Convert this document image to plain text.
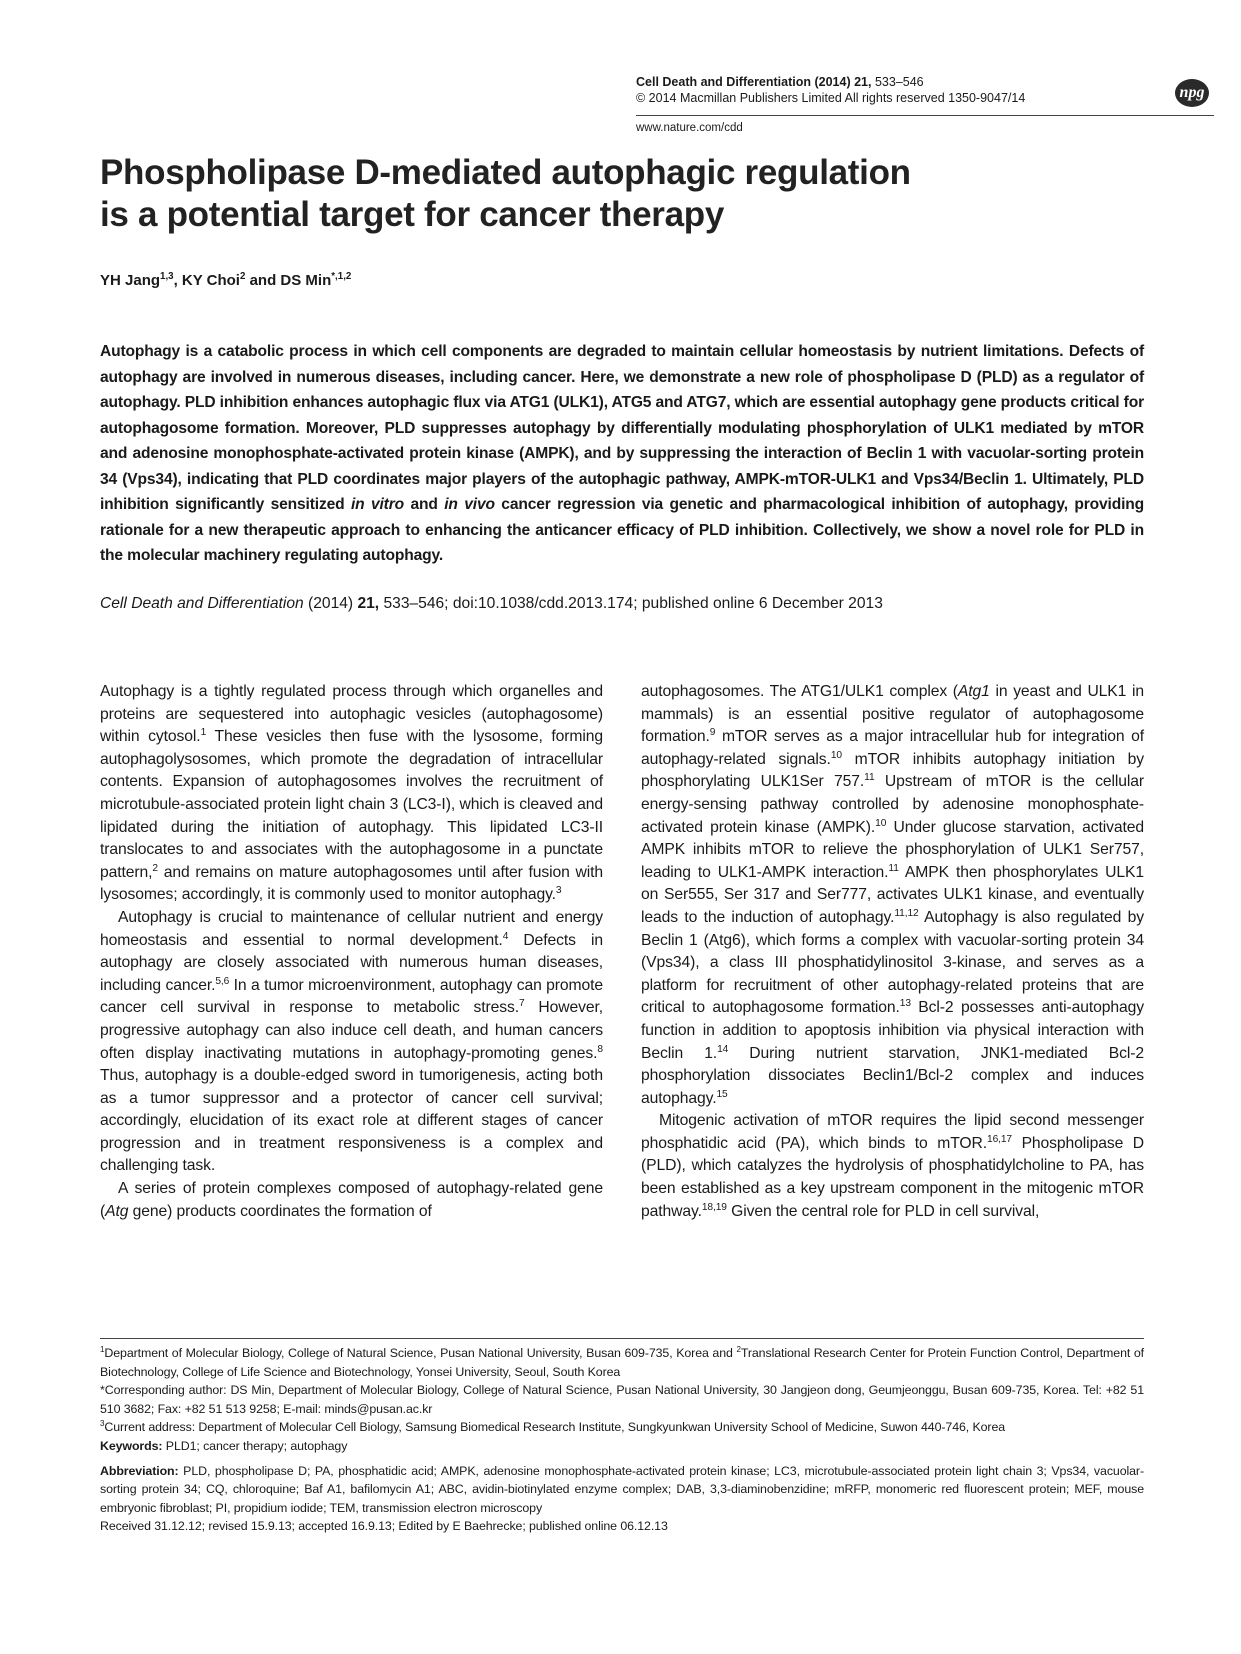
Cell Death and Differentiation (2014) 21, 533–546
© 2014 Macmillan Publishers Limited All rights reserved 1350-9047/14
www.nature.com/cdd
npg
Phospholipase D-mediated autophagic regulation
is a potential target for cancer therapy
YH Jang$^{1,3}$, KY Choi$^2$ and DS Min$^{*,1,2}$
Autophagy is a catabolic process in which cell components are degraded to maintain cellular homeostasis by nutrient limitations. Defects of autophagy are involved in numerous diseases, including cancer. Here, we demonstrate a new role of phospholipase D (PLD) as a regulator of autophagy. PLD inhibition enhances autophagic flux via ATG1 (ULK1), ATG5 and ATG7, which are essential autophagy gene products critical for autophagosome formation. Moreover, PLD suppresses autophagy by differentially modulating phosphorylation of ULK1 mediated by mTOR and adenosine monophosphate-activated protein kinase (AMPK), and by suppressing the interaction of Beclin 1 with vacuolar-sorting protein 34 (Vps34), indicating that PLD coordinates major players of the autophagic pathway, AMPK-mTOR-ULK1 and Vps34/Beclin 1. Ultimately, PLD inhibition significantly sensitized in vitro and in vivo cancer regression via genetic and pharmacological inhibition of autophagy, providing rationale for a new therapeutic approach to enhancing the anticancer efficacy of PLD inhibition. Collectively, we show a novel role for PLD in the molecular machinery regulating autophagy.
Cell Death and Differentiation (2014) 21, 533–546; doi:10.1038/cdd.2013.174; published online 6 December 2013

Autophagy is a tightly regulated process through which organelles and proteins are sequestered into autophagic vesicles (autophagosome) within cytosol.$^1$ These vesicles then fuse with the lysosome, forming autophagolysosomes, which promote the degradation of intracellular contents. Expansion of autophagosomes involves the recruitment of microtubule-associated protein light chain 3 (LC3-I), which is cleaved and lipidated during the initiation of autophagy. This lipidated LC3-II translocates to and associates with the autophagosome in a punctate pattern,$^2$ and remains on mature autophagosomes until after fusion with lysosomes; accordingly, it is commonly used to monitor autophagy.$^3$

Autophagy is crucial to maintenance of cellular nutrient and energy homeostasis and essential to normal development.$^4$ Defects in autophagy are closely associated with numerous human diseases, including cancer.$^{5,6}$ In a tumor microenvironment, autophagy can promote cancer cell survival in response to metabolic stress.$^7$ However, progressive autophagy can also induce cell death, and human cancers often display inactivating mutations in autophagy-promoting genes.$^8$ Thus, autophagy is a double-edged sword in tumorigenesis, acting both as a tumor suppressor and a protector of cancer cell survival; accordingly, elucidation of its exact role at different stages of cancer progression and in treatment responsiveness is a complex and challenging task.

A series of protein complexes composed of autophagy-related gene (Atg gene) products coordinates the formation of

autophagosomes. The ATG1/ULK1 complex (Atg1 in yeast and ULK1 in mammals) is an essential positive regulator of autophagosome formation.$^9$ mTOR serves as a major intracellular hub for integration of autophagy-related signals.$^{10}$ mTOR inhibits autophagy initiation by phosphorylating ULK1Ser 757.11 Upstream of mTOR is the cellular energy-sensing pathway controlled by adenosine monophosphate-activated protein kinase (AMPK).$^{10}$ Under glucose starvation, activated AMPK inhibits mTOR to relieve the phosphorylation of ULK1 Ser757, leading to ULK1-AMPK interaction.$^{11}$ AMPK then phosphorylates ULK1 on Ser555, Ser 317 and Ser777, activates ULK1 kinase, and eventually leads to the induction of autophagy.$^{11,12}$ Autophagy is also regulated by Beclin 1 (Atg6), which forms a complex with vacuolar-sorting protein 34 (Vps34), a class III phosphatidylinositol 3-kinase, and serves as a platform for recruitment of other autophagy-related proteins that are critical to autophagosome formation.$^{13}$ Bcl-2 possesses anti-autophagy function in addition to apoptosis inhibition via physical interaction with Beclin 1.14 During nutrient starvation, JNK1-mediated Bcl-2 phosphorylation dissociates Beclin1/Bcl-2 complex and induces autophagy.$^{15}$

Mitogenic activation of mTOR requires the lipid second messenger phosphatidic acid (PA), which binds to mTOR.$^{16,17}$ Phospholipase D (PLD), which catalyzes the hydrolysis of phosphatidylcholine to PA, has been established as a key upstream component in the mitogenic mTOR pathway.$^{18,19}$ Given the central role for PLD in cell survival,

$^1$Department of Molecular Biology, College of Natural Science, Pusan National University, Busan 609-735, Korea and $^2$Translational Research Center for Protein Function Control, Department of Biotechnology, College of Life Science and Biotechnology, Yonsei University, Seoul, South Korea

*Corresponding author: DS Min, Department of Molecular Biology, College of Natural Science, Pusan National University, 30 Jangjeon dong, Geumjeonggu, Busan 609-735, Korea. Tel: +82 51 510 3682; Fax: +82 51 513 9258; E-mail: minds@pusan.ac.kr

$^3$Current address: Department of Molecular Cell Biology, Samsung Biomedical Research Institute, Sungkyunkwan University School of Medicine, Suwon 440-746, Korea

Keywords: PLD1; cancer therapy; autophagy

Abbreviation: PLD, phospholipase D; PA, phosphatidic acid; AMPK, adenosine monophosphate-activated protein kinase; LC3, microtubule-associated protein light chain 3; Vps34, vacuolar-sorting protein 34; CQ, chloroquine; Baf A1, bafilomycin A1; ABC, avidin-biotinylated enzyme complex; DAB, 3,3-diaminobenzidine; mRFP, monomeric red fluorescent protein; MEF, mouse embryonic fibroblast; PI, propidium iodide; TEM, transmission electron microscopy

Received 31.12.12; revised 15.9.13; accepted 16.9.13; Edited by E Baehrecke; published online 06.12.13
